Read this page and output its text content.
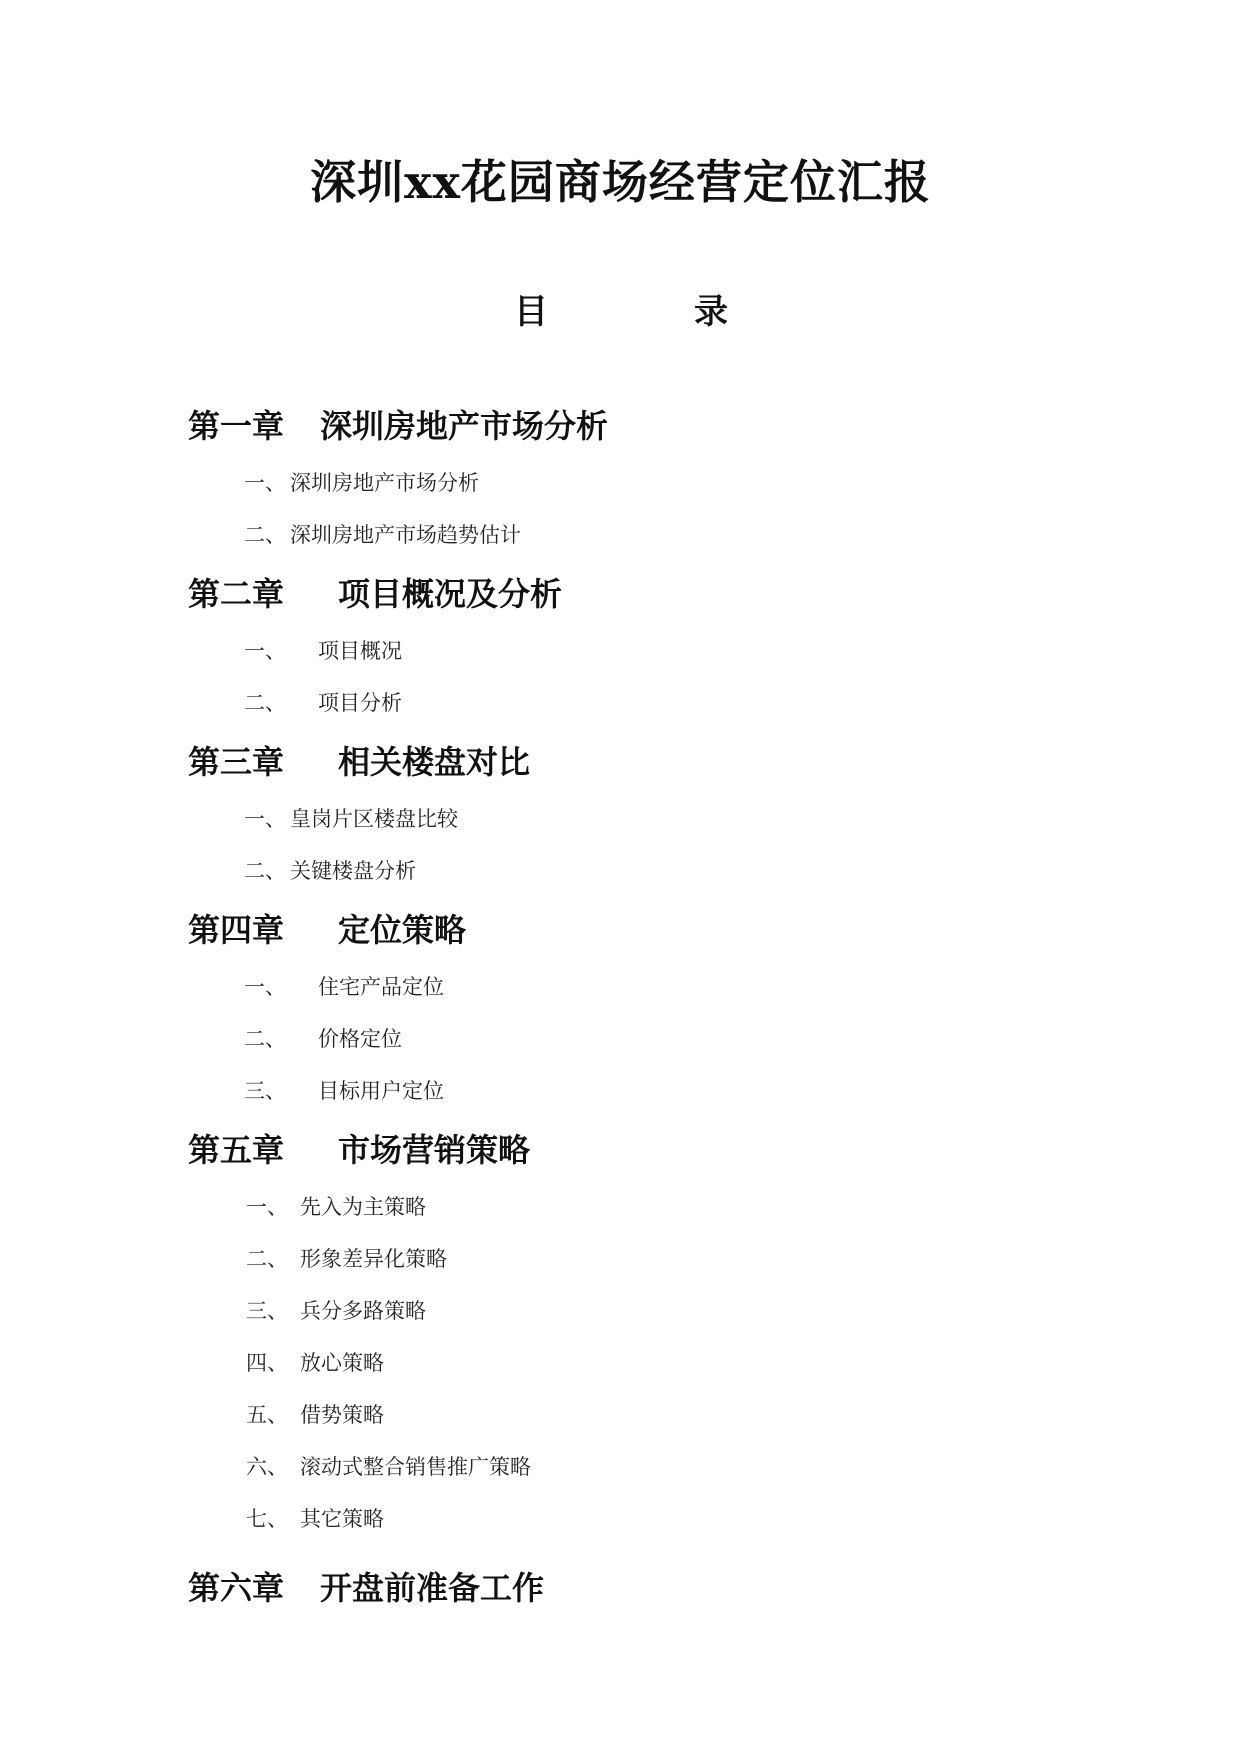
深圳xx花园商场经营定位汇报
目	录
第一章 深圳房地产市场分析
一、 深圳房地产市场分析
二、 深圳房地产市场趋势估计
第二章 项目概况及分析
一、 项目概况
二、 项目分析
第三章 相关楼盘对比
一、 皇岗片区楼盘比较
二、 关键楼盘分析
第四章 定位策略
一、 住宅产品定位
二、 价格定位
三、 目标用户定位
第五章 市场营销策略
一、 先入为主策略
二、 形象差异化策略
三、 兵分多路策略
四、 放心策略
五、 借势策略
六、 滚动式整合销售推广策略
七、 其它策略
第六章 开盘前准备工作
